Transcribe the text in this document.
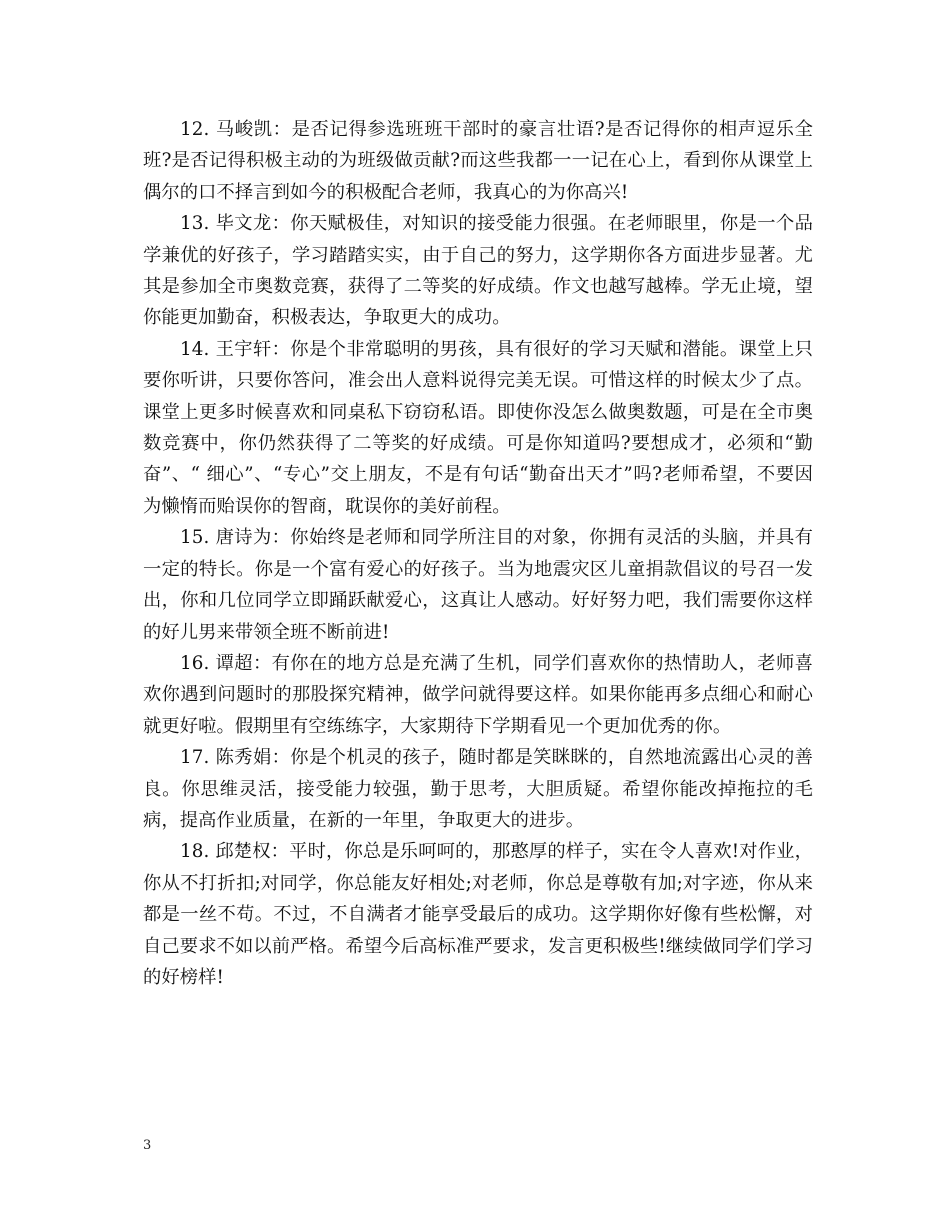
12. 马峻凯：是否记得参选班班干部时的豪言壮语?是否记得你的相声逗乐全班?是否记得积极主动的为班级做贡献?而这些我都一一记在心上，看到你从课堂上偶尔的口不择言到如今的积极配合老师，我真心的为你高兴!

13. 毕文龙：你天赋极佳，对知识的接受能力很强。在老师眼里，你是一个品学兼优的好孩子，学习踏踏实实，由于自己的努力，这学期你各方面进步显著。尤其是参加全市奥数竞赛，获得了二等奖的好成绩。作文也越写越棒。学无止境，望你能更加勤奋，积极表达，争取更大的成功。

14. 王宇轩：你是个非常聪明的男孩，具有很好的学习天赋和潜能。课堂上只要你听讲，只要你答问，准会出人意料说得完美无误。可惜这样的时候太少了点。课堂上更多时候喜欢和同桌私下窃窃私语。即使你没怎么做奥数题，可是在全市奥数竞赛中，你仍然获得了二等奖的好成绩。可是你知道吗?要想成才，必须和“勤奋”、“ 细心”、“专心”交上朋友，不是有句话“勤奋出天才”吗?老师希望，不要因为懒惰而贻误你的智商，耽误你的美好前程。

15. 唐诗为：你始终是老师和同学所注目的对象，你拥有灵活的头脑，并具有一定的特长。你是一个富有爱心的好孩子。当为地震灾区儿童捐款倡议的号召一发出，你和几位同学立即踊跃献爱心，这真让人感动。好好努力吧，我们需要你这样的好儿男来带领全班不断前进!

16. 谭超：有你在的地方总是充满了生机，同学们喜欢你的热情助人，老师喜欢你遇到问题时的那股探究精神，做学问就得要这样。如果你能再多点细心和耐心就更好啦。假期里有空练练字，大家期待下学期看见一个更加优秀的你。

17. 陈秀娟：你是个机灵的孩子，随时都是笑眯眯的，自然地流露出心灵的善良。你思维灵活，接受能力较强，勤于思考，大胆质疑。希望你能改掉拖拉的毛病，提高作业质量，在新的一年里，争取更大的进步。

18. 邱楚权：平时，你总是乐呵呵的，那憨厚的样子，实在令人喜欢!对作业，你从不打折扣;对同学，你总能友好相处;对老师，你总是尊敬有加;对字迹，你从来都是一丝不苟。不过，不自满者才能享受最后的成功。这学期你好像有些松懈，对自己要求不如以前严格。希望今后高标准严要求，发言更积极些!继续做同学们学习的好榜样!

3
